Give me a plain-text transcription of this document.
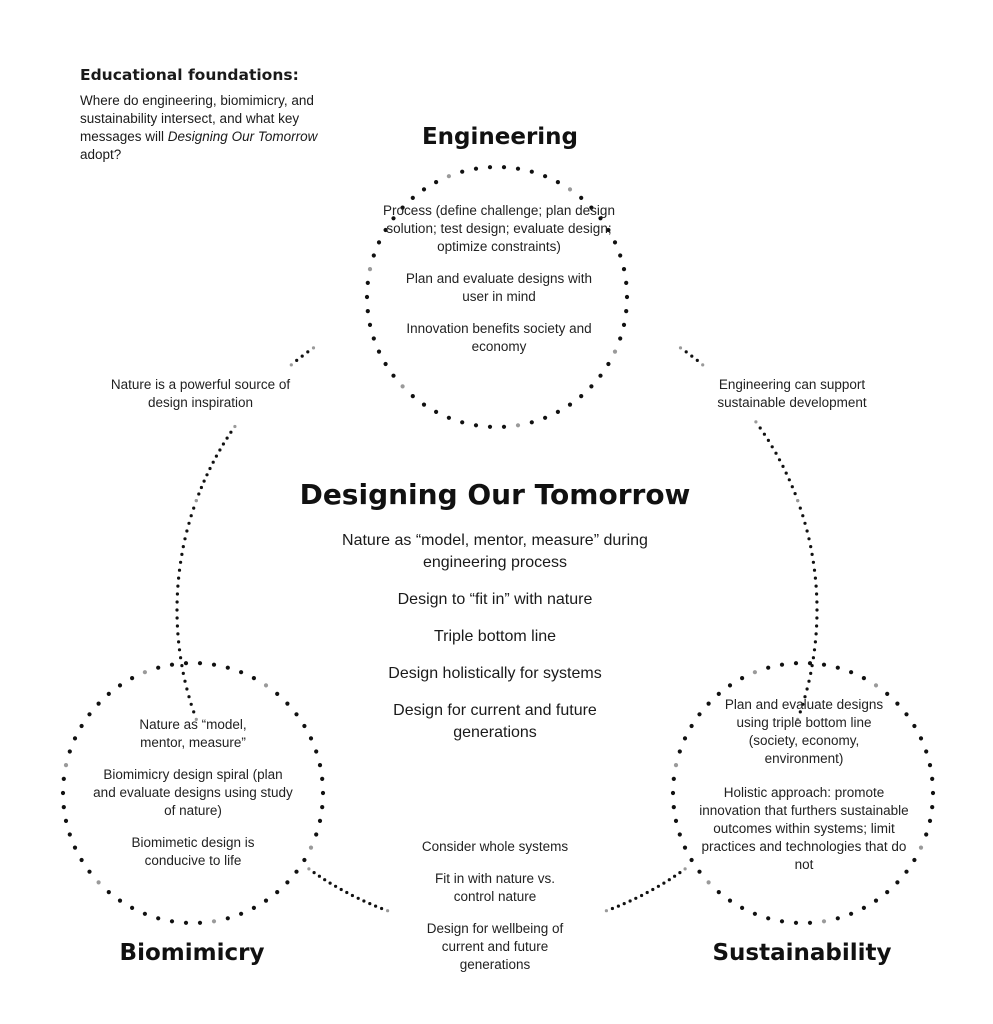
Educational foundations:
Where do engineering, biomimicry, and sustainability intersect, and what key messages will Designing Our Tomorrow adopt?
Engineering
Process (define challenge; plan design solution; test design; evaluate design; optimize constraints)
Plan and evaluate designs with user in mind
Innovation benefits society and economy
Nature is a powerful source of design inspiration
Engineering can support sustainable development
Designing Our Tomorrow
Nature as “model, mentor, measure” during engineering process
Design to “fit in” with nature
Triple bottom line
Design holistically for systems
Design for current and future generations
Nature as “model, mentor, measure”
Biomimicry design spiral (plan and evaluate designs using study of nature)
Biomimetic design is conducive to life
Biomimicry
Consider whole systems
Fit in with nature vs. control nature
Design for wellbeing of current and future generations
Plan and evaluate designs using triple bottom line (society, economy, environment)
Holistic approach: promote innovation that furthers sustainable outcomes within systems; limit practices and technologies that do not
Sustainability
